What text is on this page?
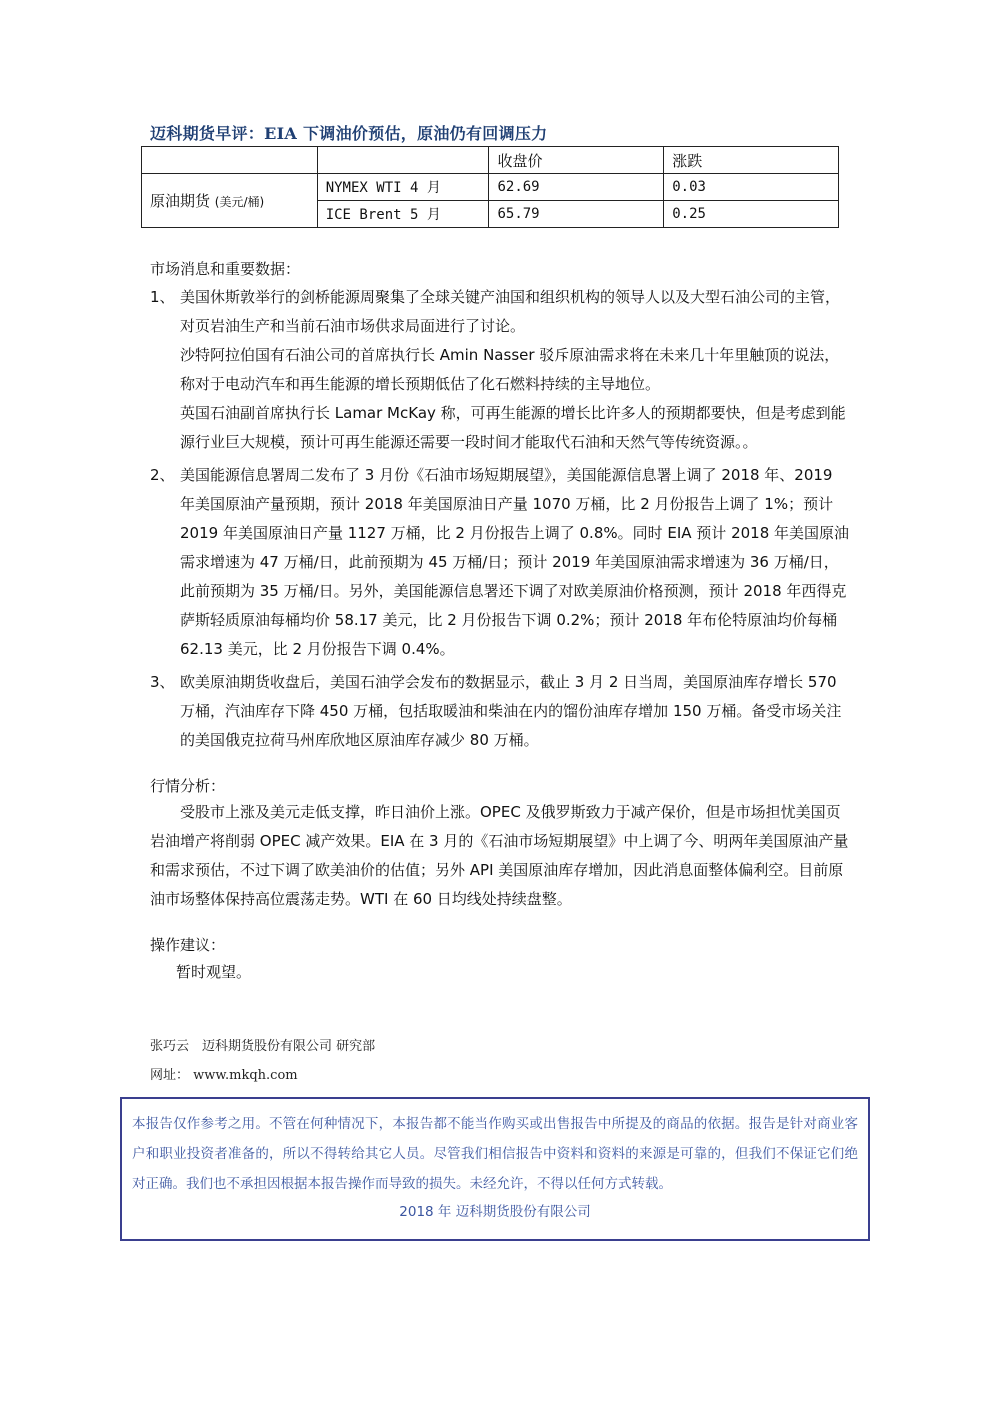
迈科期货早评：EIA 下调油价预估，原油仍有回调压力
		收盘价	涨跌
原油期货 (美元/桶)	NYMEX WTI 4 月	62.69	0.03
	ICE Brent 5 月	65.79	0.25
市场消息和重要数据：
1、 美国休斯敦举行的剑桥能源周聚集了全球关键产油国和组织机构的领导人以及大型石油公司的主管，对页岩油生产和当前石油市场供求局面进行了讨论。

沙特阿拉伯国有石油公司的首席执行长 Amin Nasser 驳斥原油需求将在未来几十年里触顶的说法，称对于电动汽车和再生能源的增长预期低估了化石燃料持续的主导地位。

英国石油副首席执行长 Lamar McKay 称，可再生能源的增长比许多人的预期都要快，但是考虑到能源行业巨大规模，预计可再生能源还需要一段时间才能取代石油和天然气等传统资源。。

2、 美国能源信息署周二发布了 3 月份《石油市场短期展望》，美国能源信息署上调了 2018 年、2019 年美国原油产量预期，预计 2018 年美国原油日产量 1070 万桶，比 2 月份报告上调了 1%；预计 2019 年美国原油日产量 1127 万桶，比 2 月份报告上调了 0.8%。同时 EIA 预计 2018 年美国原油需求增速为 47 万桶/日，此前预期为 45 万桶/日；预计 2019 年美国原油需求增速为 36 万桶/日，此前预期为 35 万桶/日。另外，美国能源信息署还下调了对欧美原油价格预测，预计 2018 年西得克萨斯轻质原油每桶均价 58.17 美元，比 2 月份报告下调 0.2%；预计 2018 年布伦特原油均价每桶 62.13 美元，比 2 月份报告下调 0.4%。

3、 欧美原油期货收盘后，美国石油学会发布的数据显示，截止 3 月 2 日当周，美国原油库存增长 570 万桶，汽油库存下降 450 万桶，包括取暖油和柴油在内的馏份油库存增加 150 万桶。备受市场关注的美国俄克拉荷马州库欣地区原油库存减少 80 万桶。

行情分析：
受股市上涨及美元走低支撑，昨日油价上涨。OPEC 及俄罗斯致力于减产保价，但是市场担忧美国页岩油增产将削弱 OPEC 减产效果。EIA 在 3 月的《石油市场短期展望》中上调了今、明两年美国原油产量和需求预估，不过下调了欧美油价的估值；另外 API 美国原油库存增加，因此消息面整体偏利空。目前原油市场整体保持高位震荡走势。WTI 在 60 日均线处持续盘整。
操作建议：
暂时观望。
张巧云　迈科期货股份有限公司 研究部
网址： www.mkqh.com
本报告仅作参考之用。不管在何种情况下，本报告都不能当作购买或出售报告中所提及的商品的依据。报告是针对商业客户和职业投资者准备的，所以不得转给其它人员。尽管我们相信报告中资料和资料的来源是可靠的，但我们不保证它们绝对正确。我们也不承担因根据本报告操作而导致的损失。未经允许，不得以任何方式转载。
2018 年 迈科期货股份有限公司
